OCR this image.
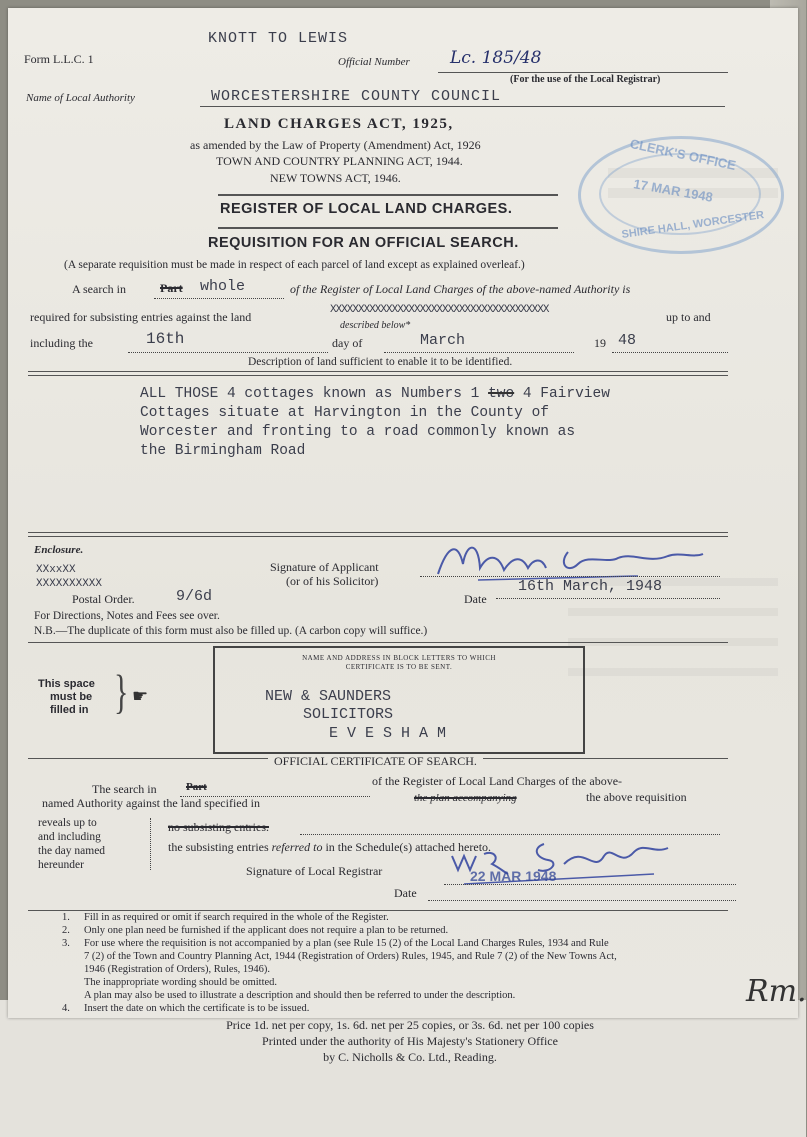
KNOTT TO LEWIS
Form L.L.C. 1	Official Number Lc. 185/48
(For the use of the Local Registrar)
Name of Local Authority	WORCESTERSHIRE COUNTY COUNCIL
LAND CHARGES ACT, 1925,
as amended by the Law of Property (Amendment) Act, 1926
TOWN AND COUNTRY PLANNING ACT, 1944.
NEW TOWNS ACT, 1946.
REGISTER OF LOCAL LAND CHARGES.
REQUISITION FOR AN OFFICIAL SEARCH.
(A separate requisition must be made in respect of each parcel of land except as explained overleaf.)
CLERK'S OFFICE
17 MAR 1948
SHIRE HALL, WORCESTER
A search in	Part whole	of the Register of Local Land Charges of the above-named Authority is
required for subsisting entries against the land	XXXXXXXXXXXXXXXXXXXXXXXXXXXXXXXXXXXXXXX	up to and
described below*
including the	16th	day of	March	19 48
Description of land sufficient to enable it to be identified.
ALL THOSE 4 cottages known as Numbers 1 two 4 Fairview
Cottages situate at Harvington in the County of
Worcester and fronting to a road commonly known as
the Birmingham Road
Enclosure.
XXxxXX
XXXXXXXXXX
Postal Order.	9/6d
Signature of Applicant
(or of his Solicitor)	New & Saunders
Date
16th March, 1948
For Directions, Notes and Fees see over.
N.B.—The duplicate of this form must also be filled up. (A carbon copy will suffice.)
This space
must be
filled in } ☛
NAME AND ADDRESS IN BLOCK LETTERS TO WHICH
CERTIFICATE IS TO BE SENT.
NEW & SAUNDERS
SOLICITORS
E V E S H A M
OFFICIAL CERTIFICATE OF SEARCH.
The search in	Part	of the Register of Local Land Charges of the above-
named Authority against the land specified in	the plan accompanying	the above requisition
reveals up to
and including
the day named
hereunder
no subsisting entries.
the subsisting entries referred to in the Schedule(s) attached hereto.
Signature of Local Registrar
W. R. Scarfold
22 MAR 1948
Date
1. Fill in as required or omit if search required in the whole of the Register.
2. Only one plan need be furnished if the applicant does not require a plan to be returned.
3. For use where the requisition is not accompanied by a plan (see Rule 15 (2) of the Local Land Charges Rules, 1934 and Rule
7 (2) of the Town and Country Planning Act, 1944 (Registration of Orders) Rules, 1945, and Rule 7 (2) of the New Towns Act,
1946 (Registration of Orders), Rules, 1946).
The inappropriate wording should be omitted.
A plan may also be used to illustrate a description and should then be referred to under the description.
4. Insert the date on which the certificate is to be issued.	Rm.
Price 1d. net per copy, 1s. 6d. net per 25 copies, or 3s. 6d. net per 100 copies
Printed under the authority of His Majesty's Stationery Office
by C. Nicholls & Co. Ltd., Reading.
